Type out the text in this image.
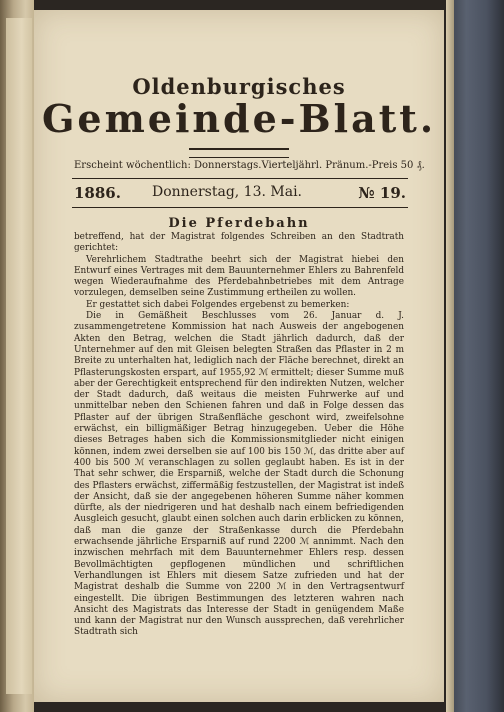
Oldenburgisches
Gemeinde-Blatt.
Erscheint wöchentlich: Donnerstags. Vierteljährl. Pränum.-Preis 50 ₰.
1886. Donnerstag, 13. Mai.	№ 19.
Die Pferdebahn

betreffend, hat der Magistrat folgendes Schreiben an den Stadtrath gerichtet:

Verehrlichem Stadtrathe beehrt sich der Magistrat hiebei den Entwurf eines Vertrages mit dem Bauunternehmer Ehlers zu Bahrenfeld wegen Wiederaufnahme des Pferdebahnbetriebes mit dem Antrage vorzulegen, demselben seine Zustimmung ertheilen zu wollen.

Er gestattet sich dabei Folgendes ergebenst zu bemerken:

Die in Gemäßheit Beschlusses vom 26. Januar d. J. zusammengetretene Kommission hat nach Ausweis der angebogenen Akten den Betrag, welchen die Stadt jährlich dadurch, daß der Unternehmer auf den mit Gleisen belegten Straßen das Pflaster in 2 m Breite zu unterhalten hat, lediglich nach der Fläche berechnet, direkt an Pflasterungskosten erspart, auf 1955,92 ℳ ermittelt; dieser Summe muß aber der Gerechtigkeit entsprechend für den indirekten Nutzen, welcher der Stadt dadurch, daß weitaus die meisten Fuhrwerke auf und unmittelbar neben den Schienen fahren und daß in Folge dessen das Pflaster auf der übrigen Straßenfläche geschont wird, zweifelsohne erwächst, ein billigmäßiger Betrag hinzugegeben. Ueber die Höhe dieses Betrages haben sich die Kommissionsmitglieder nicht einigen können, indem zwei derselben sie auf 100 bis 150 ℳ, das dritte aber auf 400 bis 500 ℳ veranschlagen zu sollen geglaubt haben. Es ist in der That sehr schwer, die Ersparniß, welche der Stadt durch die Schonung des Pflasters erwächst, ziffermäßig festzustellen, der Magistrat ist indeß der Ansicht, daß sie der angegebenen höheren Summe näher kommen dürfte, als der niedrigeren und hat deshalb nach einem befriedigenden Ausgleich gesucht, glaubt einen solchen auch darin erblicken zu können, daß man die ganze der Straßenkasse durch die Pferdebahn erwachsende jährliche Ersparniß auf rund 2200 ℳ annimmt. Nach den inzwischen mehrfach mit dem Bauunternehmer Ehlers resp. dessen Bevollmächtigten gepflogenen mündlichen und schriftlichen Verhandlungen ist Ehlers mit diesem Satze zufrieden und hat der Magistrat deshalb die Summe von 2200 ℳ in den Vertragsentwurf eingestellt. Die übrigen Bestimmungen des letzteren wahren nach Ansicht des Magistrats das Interesse der Stadt in genügendem Maße und kann der Magistrat nur den Wunsch aussprechen, daß verehrlicher Stadtrath sich
